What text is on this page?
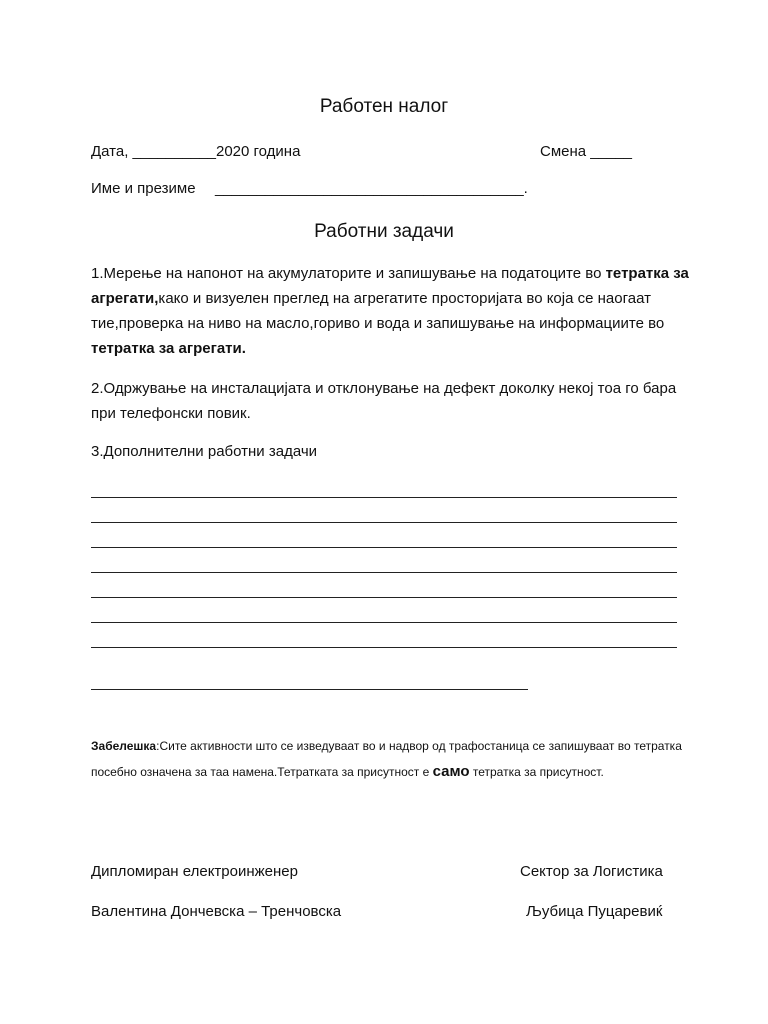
Работен налог
Дата, __________2020 година	Смена _____
Име и презиме _____________________________________.
Работни задачи
1.Мерење на напонот на акумулаторите и запишување на податоците во тетратка за агрегати,како и визуелен преглед на агрегатите просторијата во која се наогаат тие,проверка на ниво на масло,гориво и вода и запишување на информациите во тетратка за агрегати.
2.Одржување на инсталацијата и отклонување на дефект доколку некој тоа го бара при телефонски повик.
3.Дополнителни работни задачи
Забелешка:Сите активности што се изведуваат во и надвор од трафостаница се запишуваат во тетратка посебно означена за таа намена.Тетратката за присутност е само тетратка за присутност.
Дипломиран електроинженер	Сектор за Логистика
Валентина Дончевска – Тренчовска	Љубица Пуцаревиќ
